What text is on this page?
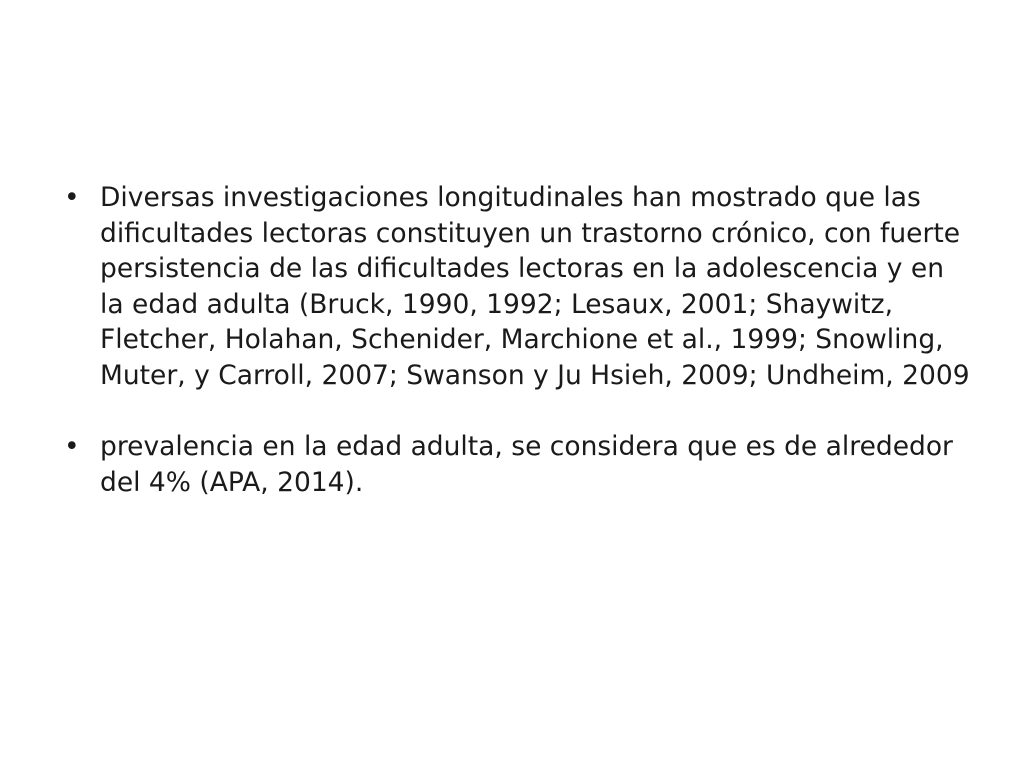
• Diversas investigaciones longitudinales han mostrado que las dificultades lectoras constituyen un trastorno crónico, con fuerte persistencia de las dificultades lectoras en la adolescencia y en la edad adulta (Bruck, 1990, 1992; Lesaux, 2001; Shaywitz, Fletcher, Holahan, Schenider, Marchione et al., 1999; Snowling, Muter, y Carroll, 2007; Swanson y Ju Hsieh, 2009; Undheim, 2009
• prevalencia en la edad adulta, se considera que es de alrededor del 4% (APA, 2014).
